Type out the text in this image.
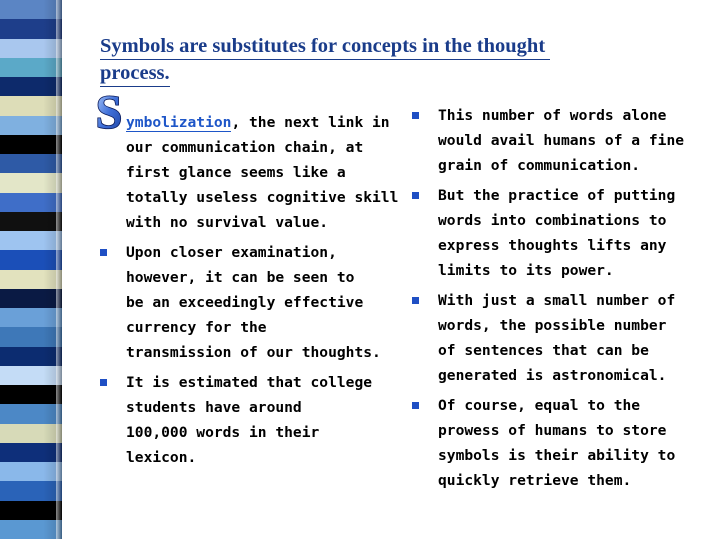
Symbols are substitutes for concepts in the thought
process.
S ymbolization, the next link in
our communication chain, at
first glance seems like a
totally useless cognitive skill
with no survival value.
Upon closer examination,
however, it can be seen to
be an exceedingly effective
currency for the
transmission of our thoughts.
It is estimated that college
students have around
100,000 words in their
lexicon.
This number of words alone
would avail humans of a fine
grain of communication.
But the practice of putting
words into combinations to
express thoughts lifts any
limits to its power.
With just a small number of
words, the possible number
of sentences that can be
generated is astronomical.
Of course, equal to the
prowess of humans to store
symbols is their ability to
quickly retrieve them.
